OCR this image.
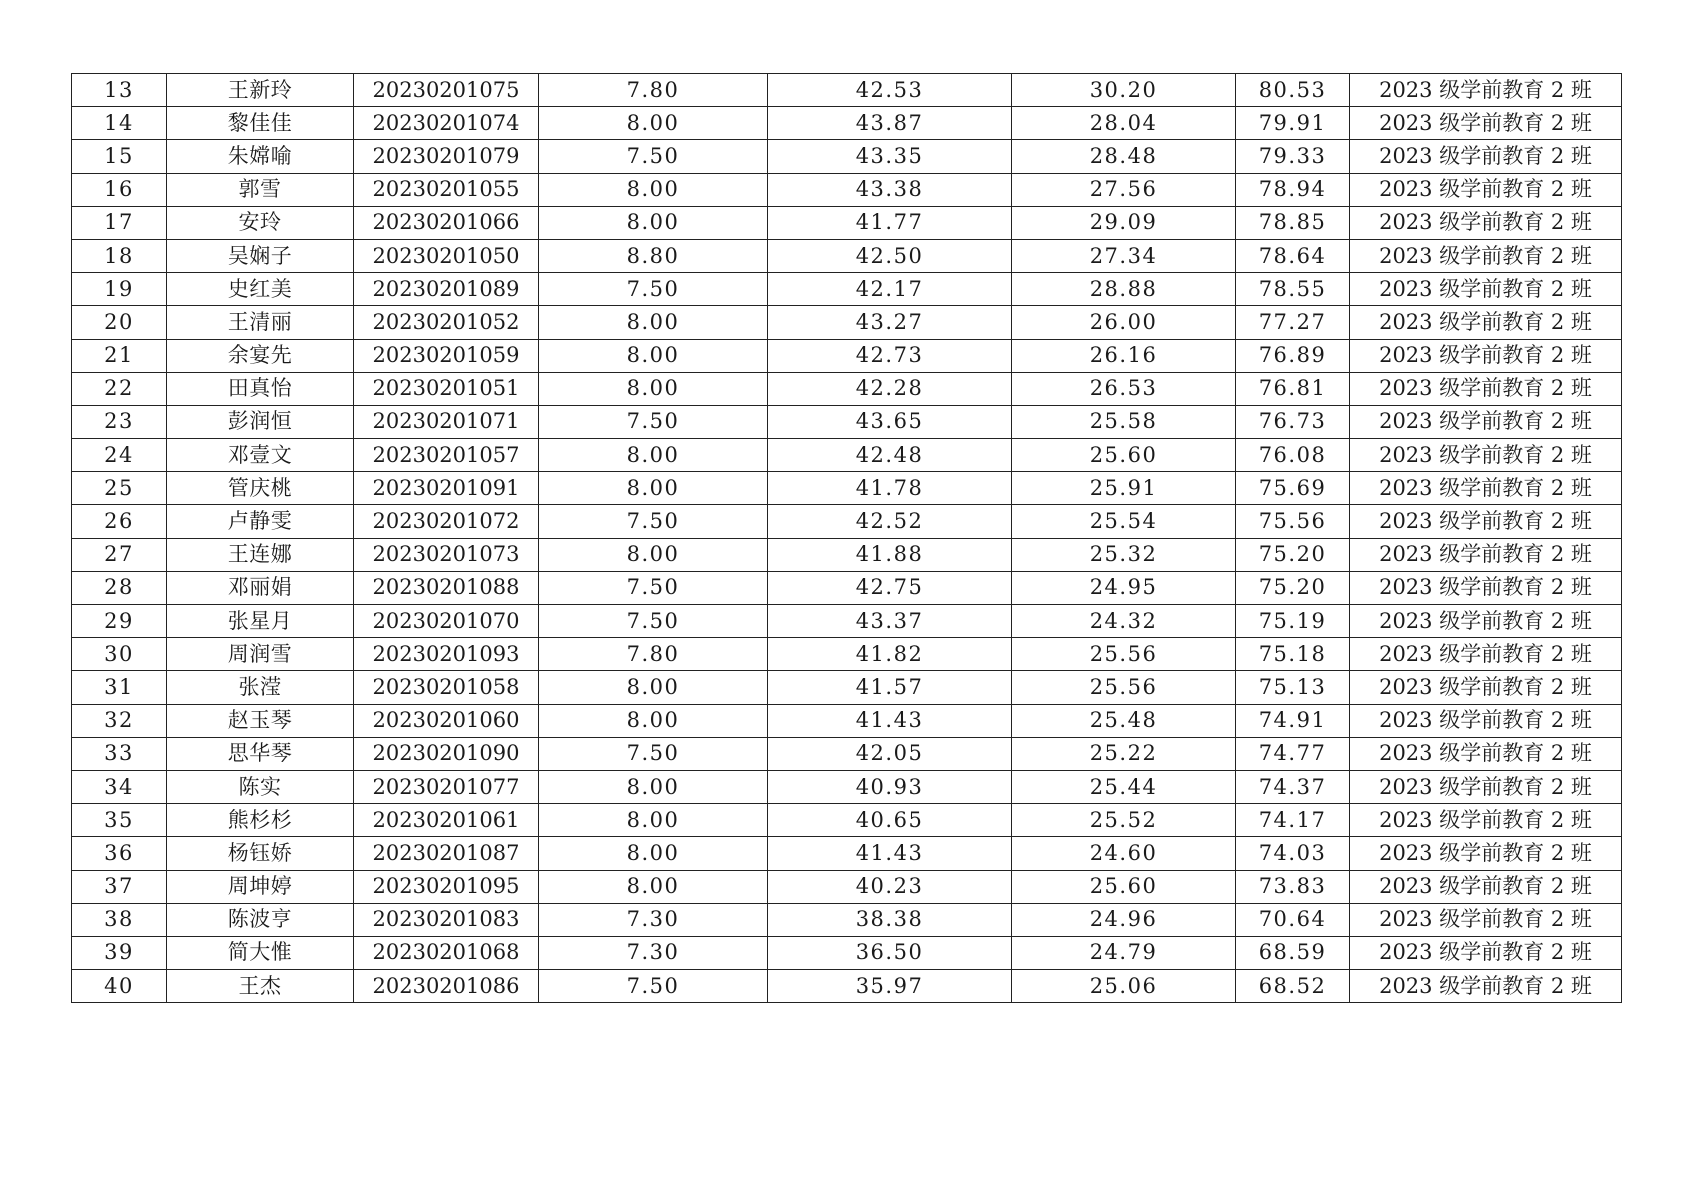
13	王新玲	20230201075	7.80	42.53	30.20	80.53	2023 级学前教育 2 班
14	黎佳佳	20230201074	8.00	43.87	28.04	79.91	2023 级学前教育 2 班
15	朱嫦喻	20230201079	7.50	43.35	28.48	79.33	2023 级学前教育 2 班
16	郭雪	20230201055	8.00	43.38	27.56	78.94	2023 级学前教育 2 班
17	安玲	20230201066	8.00	41.77	29.09	78.85	2023 级学前教育 2 班
18	吴娴子	20230201050	8.80	42.50	27.34	78.64	2023 级学前教育 2 班
19	史红美	20230201089	7.50	42.17	28.88	78.55	2023 级学前教育 2 班
20	王清丽	20230201052	8.00	43.27	26.00	77.27	2023 级学前教育 2 班
21	余宴先	20230201059	8.00	42.73	26.16	76.89	2023 级学前教育 2 班
22	田真怡	20230201051	8.00	42.28	26.53	76.81	2023 级学前教育 2 班
23	彭润恒	20230201071	7.50	43.65	25.58	76.73	2023 级学前教育 2 班
24	邓壹文	20230201057	8.00	42.48	25.60	76.08	2023 级学前教育 2 班
25	管庆桃	20230201091	8.00	41.78	25.91	75.69	2023 级学前教育 2 班
26	卢静雯	20230201072	7.50	42.52	25.54	75.56	2023 级学前教育 2 班
27	王连娜	20230201073	8.00	41.88	25.32	75.20	2023 级学前教育 2 班
28	邓丽娟	20230201088	7.50	42.75	24.95	75.20	2023 级学前教育 2 班
29	张星月	20230201070	7.50	43.37	24.32	75.19	2023 级学前教育 2 班
30	周润雪	20230201093	7.80	41.82	25.56	75.18	2023 级学前教育 2 班
31	张滢	20230201058	8.00	41.57	25.56	75.13	2023 级学前教育 2 班
32	赵玉琴	20230201060	8.00	41.43	25.48	74.91	2023 级学前教育 2 班
33	思华琴	20230201090	7.50	42.05	25.22	74.77	2023 级学前教育 2 班
34	陈实	20230201077	8.00	40.93	25.44	74.37	2023 级学前教育 2 班
35	熊杉杉	20230201061	8.00	40.65	25.52	74.17	2023 级学前教育 2 班
36	杨钰娇	20230201087	8.00	41.43	24.60	74.03	2023 级学前教育 2 班
37	周坤婷	20230201095	8.00	40.23	25.60	73.83	2023 级学前教育 2 班
38	陈波亨	20230201083	7.30	38.38	24.96	70.64	2023 级学前教育 2 班
39	简大惟	20230201068	7.30	36.50	24.79	68.59	2023 级学前教育 2 班
40	王杰	20230201086	7.50	35.97	25.06	68.52	2023 级学前教育 2 班
